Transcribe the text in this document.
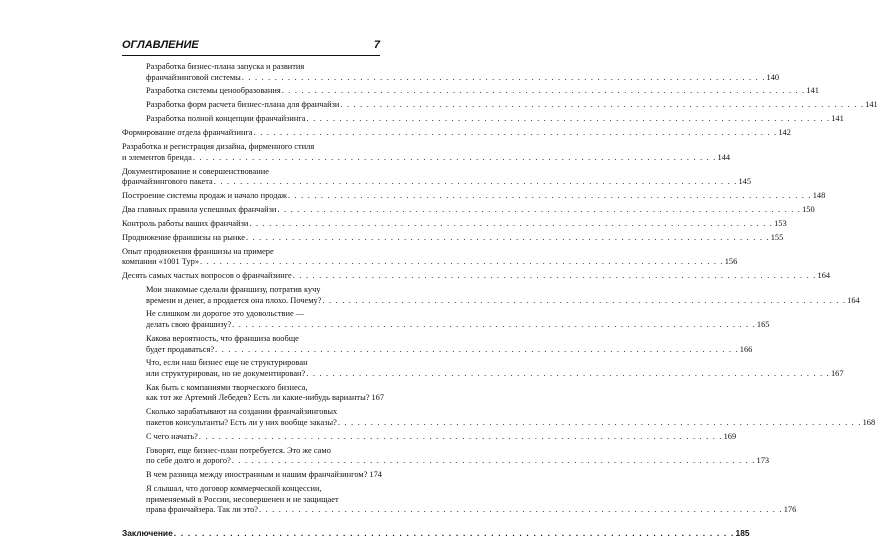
ОГЛАВЛЕНИЕ	7
Разработка бизнес-плана запуска и развития
франчайзинговой системы . . . . . . . . . . . . . . . . . . . . . . . . . . . . . . . . . . . . . . . . . . . . . . . . . . . . . . . . . . . . . . . . . . . . . . . . . . . . . . . . 140
Разработка системы ценообразования . . . . . . . . . . . . . . . . . . . . . . . . . . . . . . . . . . . . . . . . . . . . . . . . . . . . . . . . . . . . . . . . . . . . . . . . . . . . . . . . 141
Разработка форм расчета бизнес-плана для франчайзи . . . . . . . . . . . . . . . . . . . . . . . . . . . . . . . . . . . . . . . . . . . . . . . . . . . . . . . . . . . . . . . . . . . . . . . . . . . . . . . . 141
Разработка полной концепции франчайзинга . . . . . . . . . . . . . . . . . . . . . . . . . . . . . . . . . . . . . . . . . . . . . . . . . . . . . . . . . . . . . . . . . . . . . . . . . . . . . . . . 141
Формирование отдела франчайзинга . . . . . . . . . . . . . . . . . . . . . . . . . . . . . . . . . . . . . . . . . . . . . . . . . . . . . . . . . . . . . . . . . . . . . . . . . . . . . . . . 142
Разработка и регистрация дизайна, фирменного стиля
и элементов бренда . . . . . . . . . . . . . . . . . . . . . . . . . . . . . . . . . . . . . . . . . . . . . . . . . . . . . . . . . . . . . . . . . . . . . . . . . . . . . . . . 144
Документирование и совершенствование
франчайзингового пакета . . . . . . . . . . . . . . . . . . . . . . . . . . . . . . . . . . . . . . . . . . . . . . . . . . . . . . . . . . . . . . . . . . . . . . . . . . . . . . . . 145
Построение системы продаж и начало продаж . . . . . . . . . . . . . . . . . . . . . . . . . . . . . . . . . . . . . . . . . . . . . . . . . . . . . . . . . . . . . . . . . . . . . . . . . . . . . . . . 148
Два главных правила успешных франчайзи . . . . . . . . . . . . . . . . . . . . . . . . . . . . . . . . . . . . . . . . . . . . . . . . . . . . . . . . . . . . . . . . . . . . . . . . . . . . . . . . 150
Контроль работы ваших франчайзи . . . . . . . . . . . . . . . . . . . . . . . . . . . . . . . . . . . . . . . . . . . . . . . . . . . . . . . . . . . . . . . . . . . . . . . . . . . . . . . . 153
Продвижение франшизы на рынке . . . . . . . . . . . . . . . . . . . . . . . . . . . . . . . . . . . . . . . . . . . . . . . . . . . . . . . . . . . . . . . . . . . . . . . . . . . . . . . . 155
Опыт продвижения франшизы на примере
компании «1001 Тур» . . . . . . . . . . . . . . . . . . . . . . . . . . . . . . . . . . . . . . . . . . . . . . . . . . . . . . . . . . . . . . . . . . . . . . . . . . . . . . . . 156
Десять самых частых вопросов о франчайзинге . . . . . . . . . . . . . . . . . . . . . . . . . . . . . . . . . . . . . . . . . . . . . . . . . . . . . . . . . . . . . . . . . . . . . . . . . . . . . . . . 164
Мои знакомые сделали франшизу, потратив кучу
времени и денег, а продается она плохо. Почему? . . . . . . . . . . . . . . . . . . . . . . . . . . . . . . . . . . . . . . . . . . . . . . . . . . . . . . . . . . . . . . . . . . . . . . . . . . . . . . . . 164
Не слишком ли дорогое это удовольствие —
делать свою франшизу? . . . . . . . . . . . . . . . . . . . . . . . . . . . . . . . . . . . . . . . . . . . . . . . . . . . . . . . . . . . . . . . . . . . . . . . . . . . . . . . . 165
Какова вероятность, что франшиза вообще
будет продаваться? . . . . . . . . . . . . . . . . . . . . . . . . . . . . . . . . . . . . . . . . . . . . . . . . . . . . . . . . . . . . . . . . . . . . . . . . . . . . . . . . 166
Что, если наш бизнес еще не структурирован
или структурирован, но не документирован? . . . . . . . . . . . . . . . . . . . . . . . . . . . . . . . . . . . . . . . . . . . . . . . . . . . . . . . . . . . . . . . . . . . . . . . . . . . . . . . . 167
Как быть с компаниями творческого бизнеса,
как тот же Артемий Лебедев? Есть ли какие-нибудь варианты? 167
Сколько зарабатывают на создании франчайзинговых
пакетов консультанты? Есть ли у них вообще заказы? . . . . . . . . . . . . . . . . . . . . . . . . . . . . . . . . . . . . . . . . . . . . . . . . . . . . . . . . . . . . . . . . . . . . . . . . . . . . . . . . 168
С чего начать? . . . . . . . . . . . . . . . . . . . . . . . . . . . . . . . . . . . . . . . . . . . . . . . . . . . . . . . . . . . . . . . . . . . . . . . . . . . . . . . . 169
Говорят, еще бизнес-план потребуется. Это же само
по себе долго и дорого? . . . . . . . . . . . . . . . . . . . . . . . . . . . . . . . . . . . . . . . . . . . . . . . . . . . . . . . . . . . . . . . . . . . . . . . . . . . . . . . . 173
В чем разница между иностранным и нашим франчайзингом? 174
Я слышал, что договор коммерческой концессии,
применяемый в России, несовершенен и не защищает
права франчайзера. Так ли это? . . . . . . . . . . . . . . . . . . . . . . . . . . . . . . . . . . . . . . . . . . . . . . . . . . . . . . . . . . . . . . . . . . . . . . . . . . . . . . . . 176
Заключение . . . . . . . . . . . . . . . . . . . . . . . . . . . . . . . . . . . . . . . . . . . . . . . . . . . . . . . . . . . . . . . . . . . . . . . . . . . . . . . . 185
